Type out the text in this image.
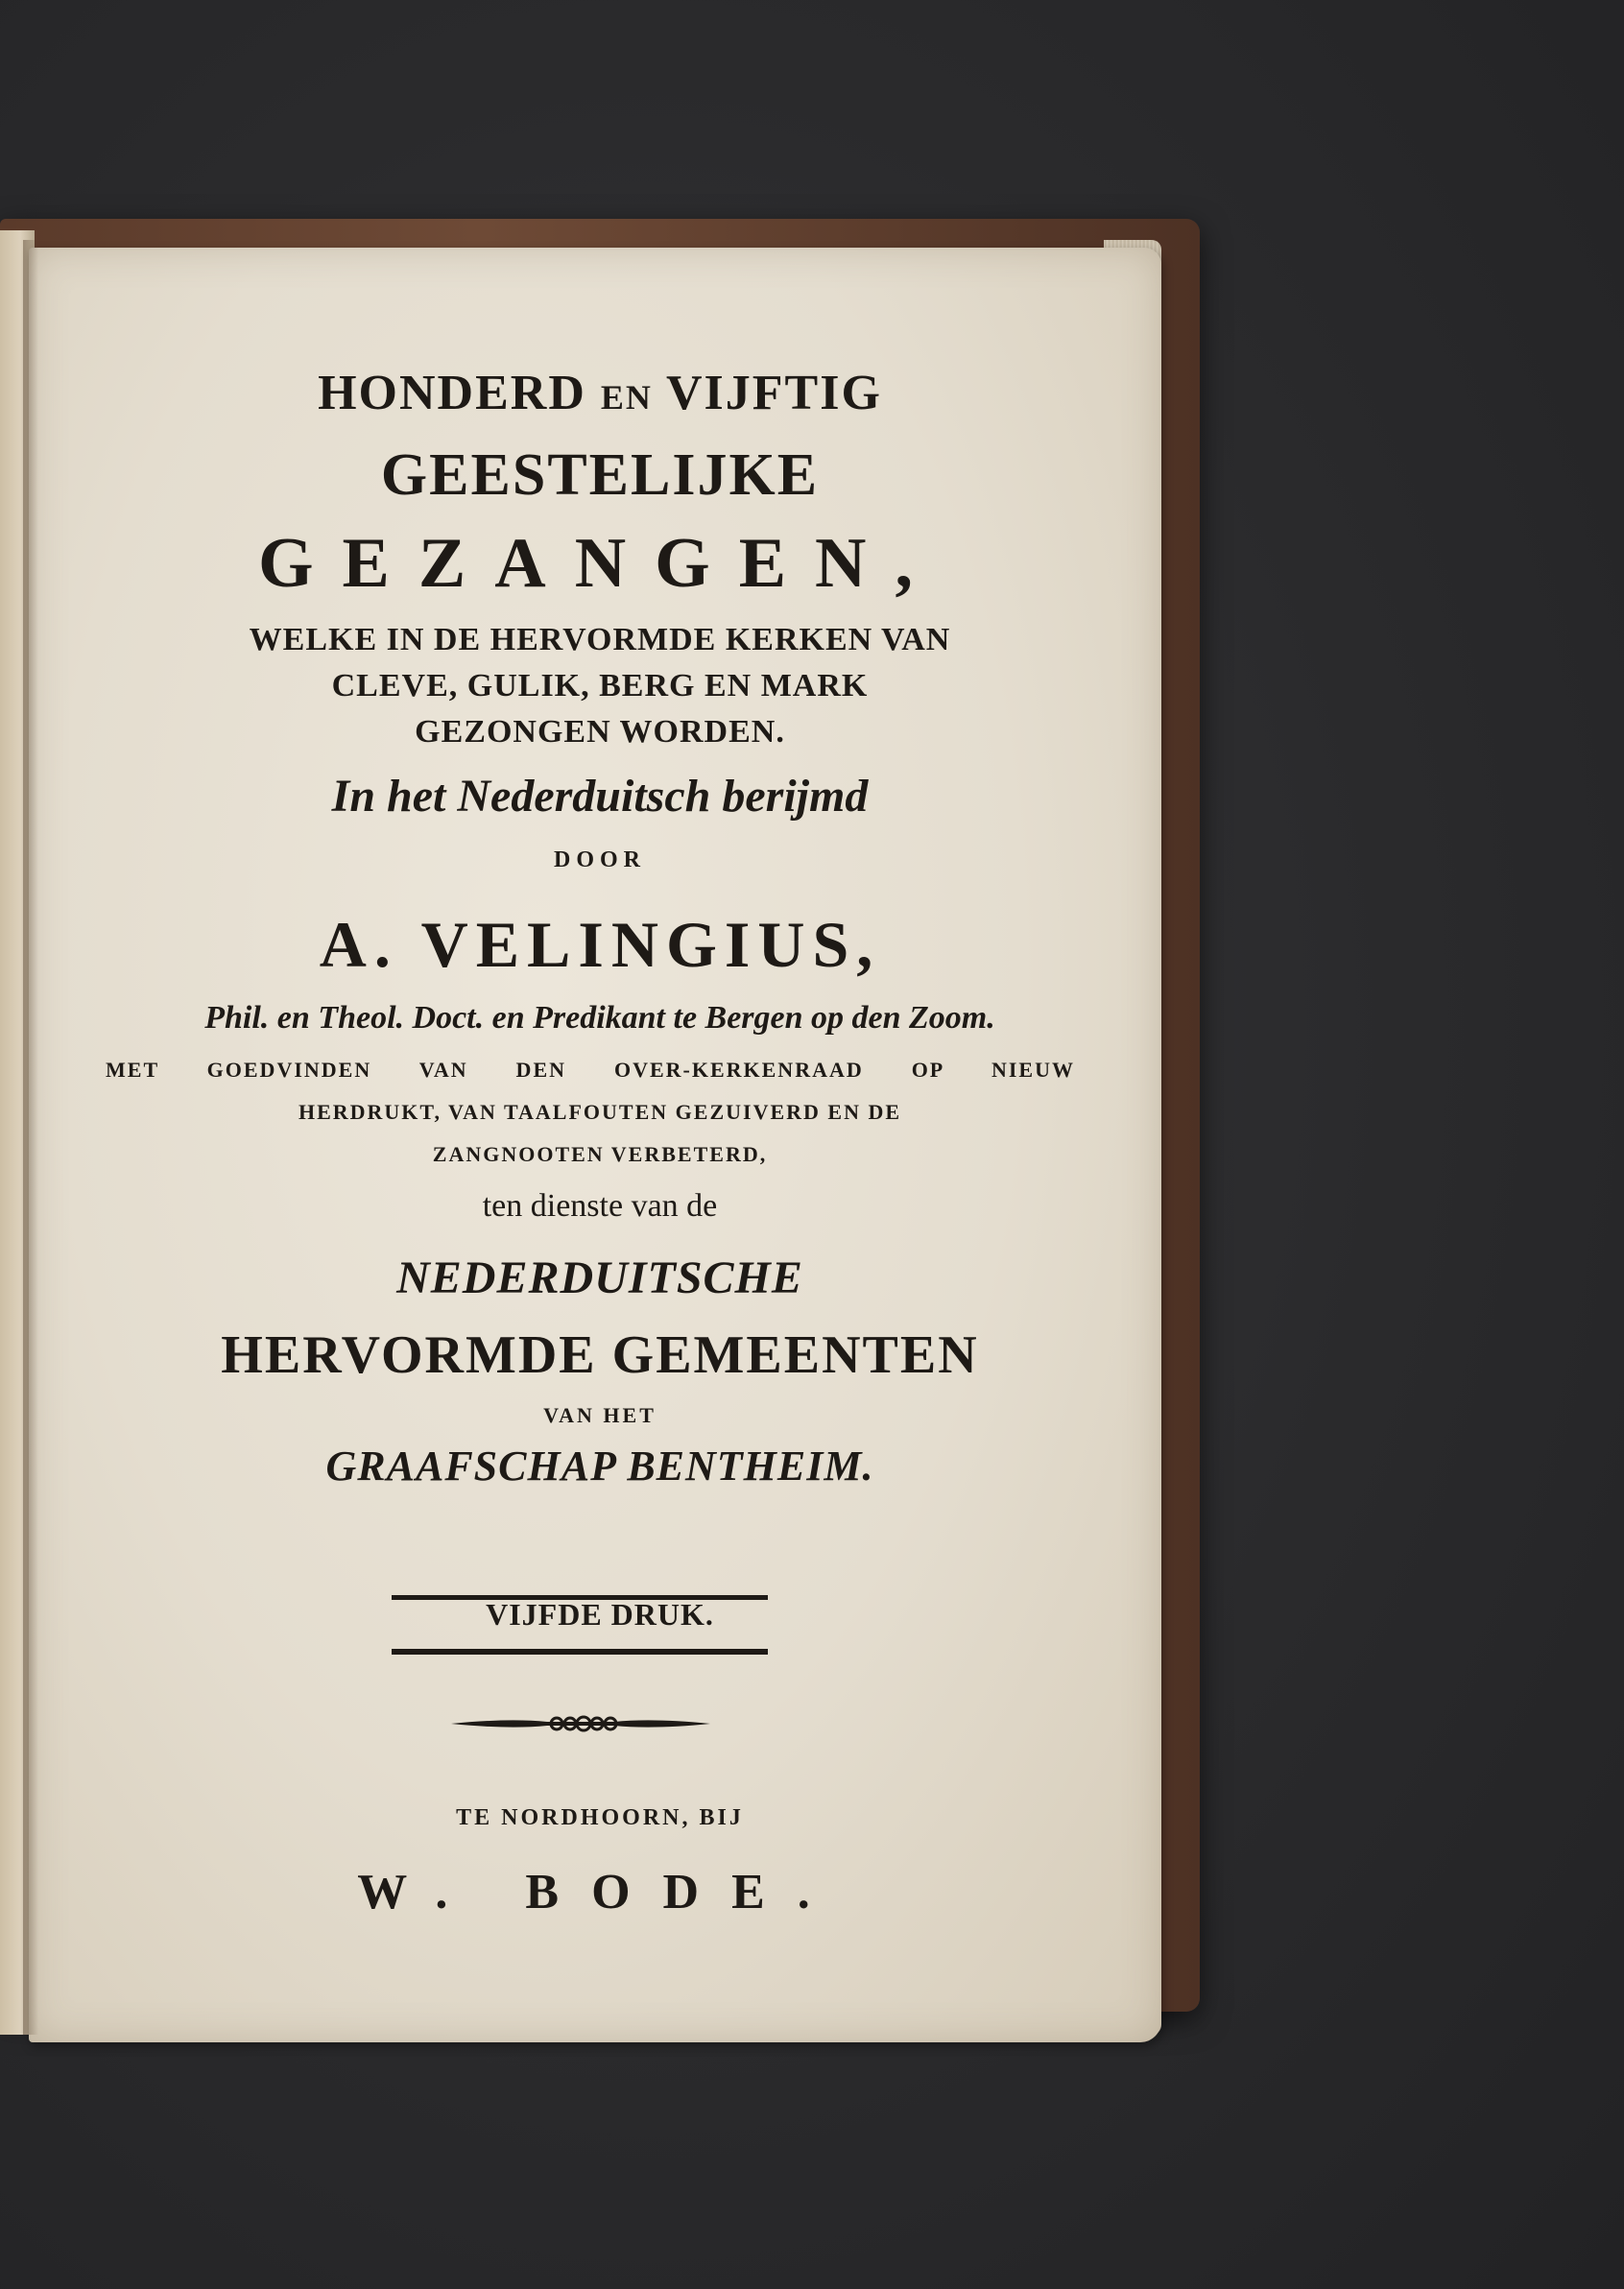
HONDERD EN VIJFTIG
GEESTELIJKE
GEZANGEN,
WELKE IN DE HERVORMDE KERKEN VAN
CLEVE, GULIK, BERG EN MARK
GEZONGEN WORDEN.
In het Nederduitsch berijmd
DOOR
A. VELINGIUS,
Phil. en Theol. Doct. en Predikant te Bergen op den Zoom.
MET GOEDVINDEN VAN DEN OVER-KERKENRAAD OP NIEUW
HERDRUKT, VAN TAALFOUTEN GEZUIVERD EN DE
ZANGNOOTEN VERBETERD,
ten dienste van de
NEDERDUITSCHE
HERVORMDE GEMEENTEN
VAN HET
GRAAFSCHAP BENTHEIM.
VIJFDE DRUK.
TE NORDHOORN, BIJ
W. BODE.
